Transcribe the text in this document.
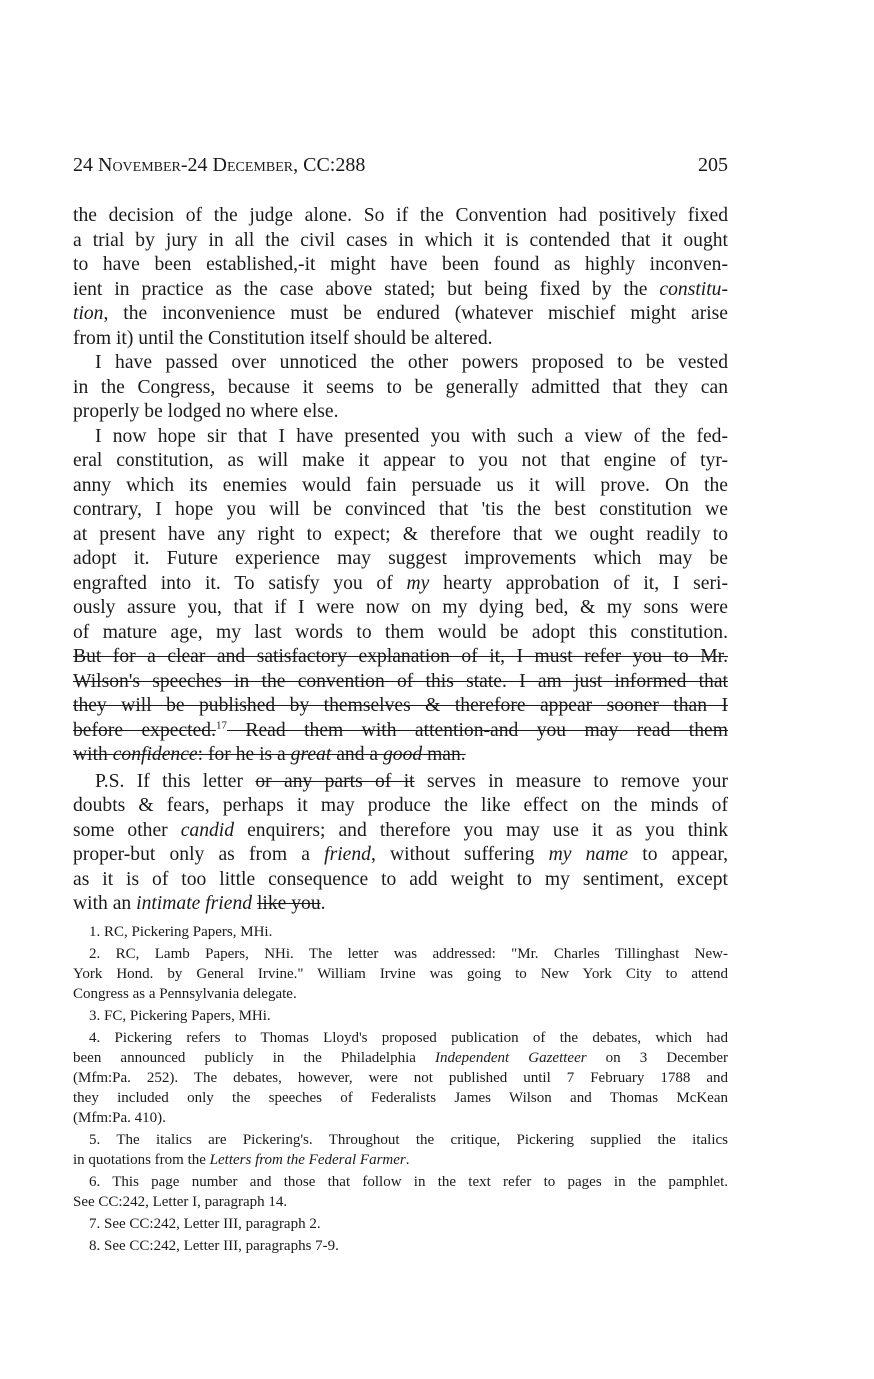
24 November-24 December, CC:288	205

the decision of the judge alone. So if the Convention had positively fixed
a trial by jury in all the civil cases in which it is contended that it ought
to have been established,-it might have been found as highly inconven-
ient in practice as the case above stated; but being fixed by the constitu-
tion, the inconvenience must be endured (whatever mischief might arise
from it) until the Constitution itself should be altered.

I have passed over unnoticed the other powers proposed to be vested
in the Congress, because it seems to be generally admitted that they can
properly be lodged no where else.

I now hope sir that I have presented you with such a view of the fed-
eral constitution, as will make it appear to you not that engine of tyr-
anny which its enemies would fain persuade us it will prove. On the
contrary, I hope you will be convinced that 'tis the best constitution we
at present have any right to expect; & therefore that we ought readily to
adopt it. Future experience may suggest improvements which may be
engrafted into it. To satisfy you of my hearty approbation of it, I seri-
ously assure you, that if I were now on my dying bed, & my sons were
of mature age, my last words to them would be adopt this constitution.
But for a clear and satisfactory explanation of it, I must refer you to Mr.
Wilson's speeches in the convention of this state. I am just informed that
they will be published by themselves & therefore appear sooner than I
before expected.$^{17}$ Read them with attention-and you may read them
with confidence: for he is a great and a good man.

P.S. If this letter or any parts of it serves in measure to remove your
doubts & fears, perhaps it may produce the like effect on the minds of
some other candid enquirers; and therefore you may use it as you think
proper-but only as from a friend, without suffering my name to appear,
as it is of too little consequence to add weight to my sentiment, except
with an intimate friend like you.

1. RC, Pickering Papers, MHi.

2. RC, Lamb Papers, NHi. The letter was addressed: "Mr. Charles Tillinghast New-
York Hond. by General Irvine." William Irvine was going to New York City to attend
Congress as a Pennsylvania delegate.

3. FC, Pickering Papers, MHi.

4. Pickering refers to Thomas Lloyd's proposed publication of the debates, which had
been announced publicly in the Philadelphia Independent Gazetteer on 3 December
(Mfm:Pa. 252). The debates, however, were not published until 7 February 1788 and
they included only the speeches of Federalists James Wilson and Thomas McKean
(Mfm:Pa. 410).

5. The italics are Pickering's. Throughout the critique, Pickering supplied the italics
in quotations from the Letters from the Federal Farmer.

6. This page number and those that follow in the text refer to pages in the pamphlet.
See CC:242, Letter I, paragraph 14.

7. See CC:242, Letter III, paragraph 2.

8. See CC:242, Letter III, paragraphs 7-9.
